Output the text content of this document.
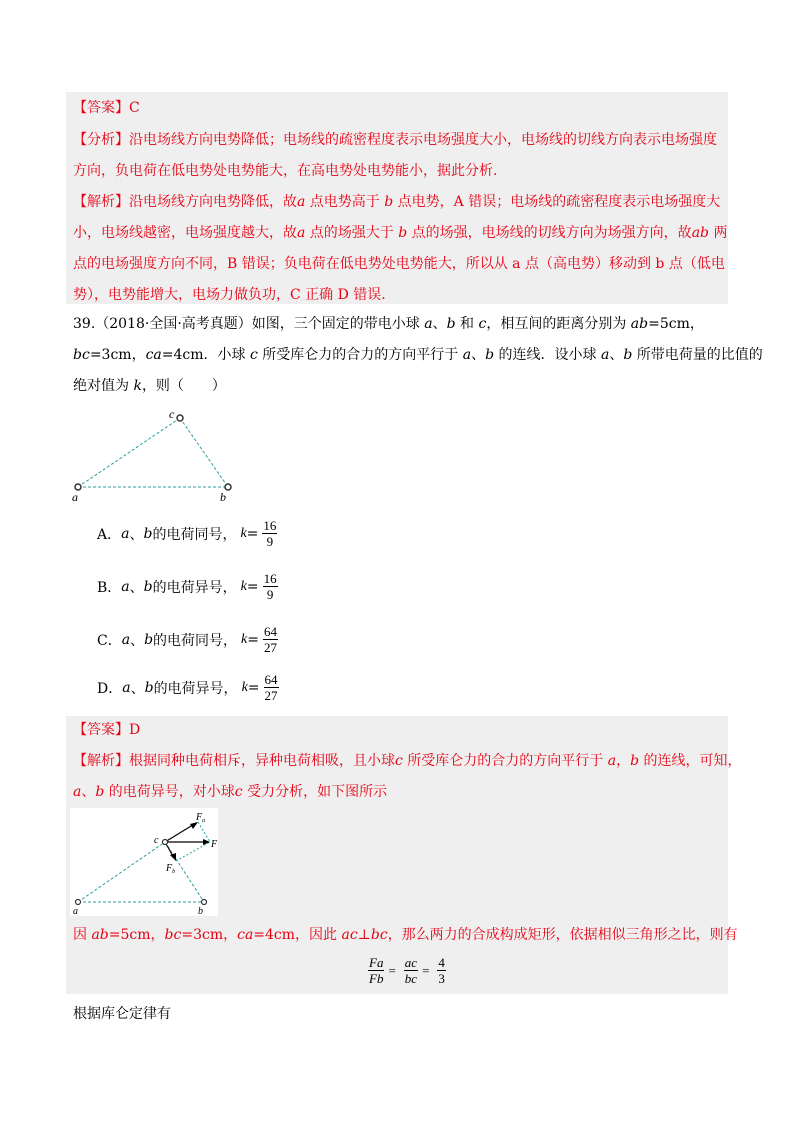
【答案】C
【分析】沿电场线方向电势降低；电场线的疏密程度表示电场强度大小，电场线的切线方向表示电场强度
方向，负电荷在低电势处电势能大，在高电势处电势能小，据此分析.
【解析】沿电场线方向电势降低，故a 点电势高于 b 点电势，A 错误；电场线的疏密程度表示电场强度大
小，电场线越密，电场强度越大，故a 点的场强大于 b 点的场强，电场线的切线方向为场强方向，故ab 两
点的电场强度方向不同，B 错误；负电荷在低电势处电势能大，所以从 a 点（高电势）移动到 b 点（低电
势），电势能增大，电场力做负功，C 正确 D 错误.
39.（2018·全国·高考真题）如图，三个固定的带电小球 a、b 和 c，相互间的距离分别为 ab=5cm，
bc=3cm，ca=4cm．小球 c 所受库仑力的合力的方向平行于 a、b 的连线．设小球 a、b 所带电荷量的比值的
绝对值为 k，则（　　）
a	b
c
A． a 、 b 的电荷同号， $k = \frac{16}{9}$
B． a 、 b 的电荷异号， $k = \frac{16}{9}$
C． a 、 b 的电荷同号， $k = \frac{64}{27}$
D． a 、 b 的电荷异号， $k = \frac{64}{27}$
【答案】D
【解析】根据同种电荷相斥，异种电荷相吸，且小球c 所受库仑力的合力的方向平行于 a，b 的连线，可知，
a、b 的电荷异号，对小球c 受力分析，如下图所示
a	b
c	F
$F_a$
$F_b$
因 ab=5cm，bc=3cm，ca=4cm，因此 ac⊥bc，那么两力的合成构成矩形，依据相似三角形之比，则有
$\frac{Fa}{Fb} = \frac{ac}{bc} = \frac{4}{3}$
根据库仑定律有
